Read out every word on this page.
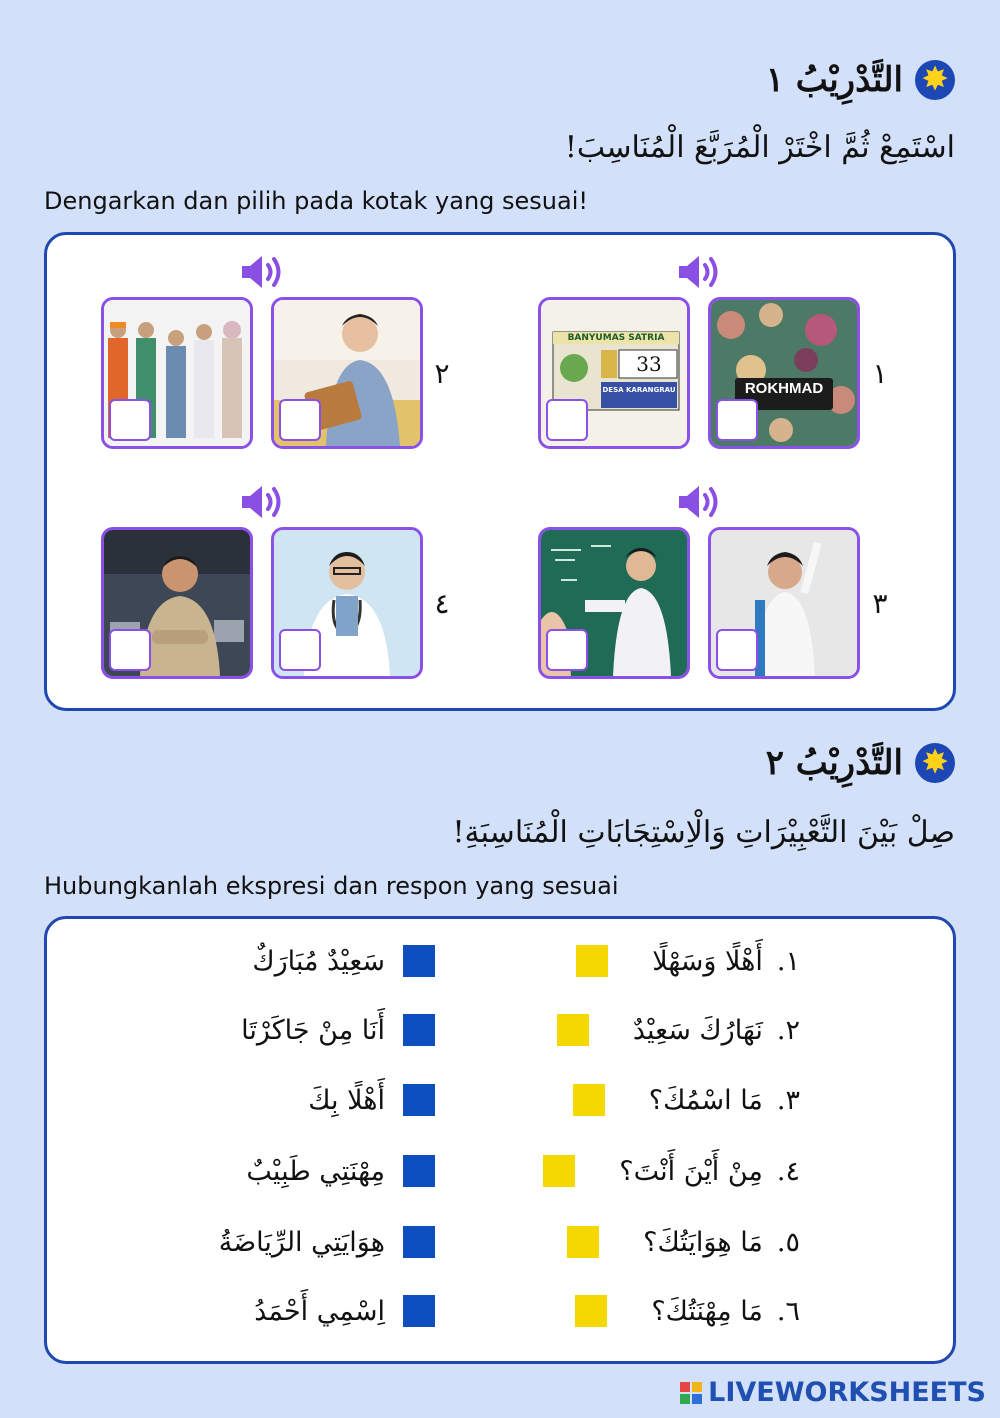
✸
التَّدْرِيْبُ ١
اسْتَمِعْ ثُمَّ اخْتَرْ الْمُرَبَّعَ الْمُنَاسِبَ!
Dengarkan dan pilih pada kotak yang sesuai!
١
٢
٣
٤
ROKHMAD
BANYUMAS SATRIA
33
DESA KARANGRAU
✸
التَّدْرِيْبُ ٢
صِلْ بَيْنَ التَّعْبِيْرَاتِ وَالْاِسْتِجَابَاتِ الْمُنَاسِبَةِ!
Hubungkanlah ekspresi dan respon yang sesuai
١.
أَهْلًا وَسَهْلًا
٢.
نَهَارُكَ سَعِيْدٌ
٣.
مَا اسْمُكَ؟
٤.
مِنْ أَيْنَ أَنْتَ؟
٥.
مَا هِوَايَتُكَ؟
٦.
مَا مِهْنَتُكَ؟
سَعِيْدٌ مُبَارَكٌ
أَنَا مِنْ جَاكَرْتَا
أَهْلًا بِكَ
مِهْنَتِي طَبِيْبٌ
هِوَايَتِي الرِّيَاضَةُ
اِسْمِي أَحْمَدُ
LIVEWORKSHEETS
